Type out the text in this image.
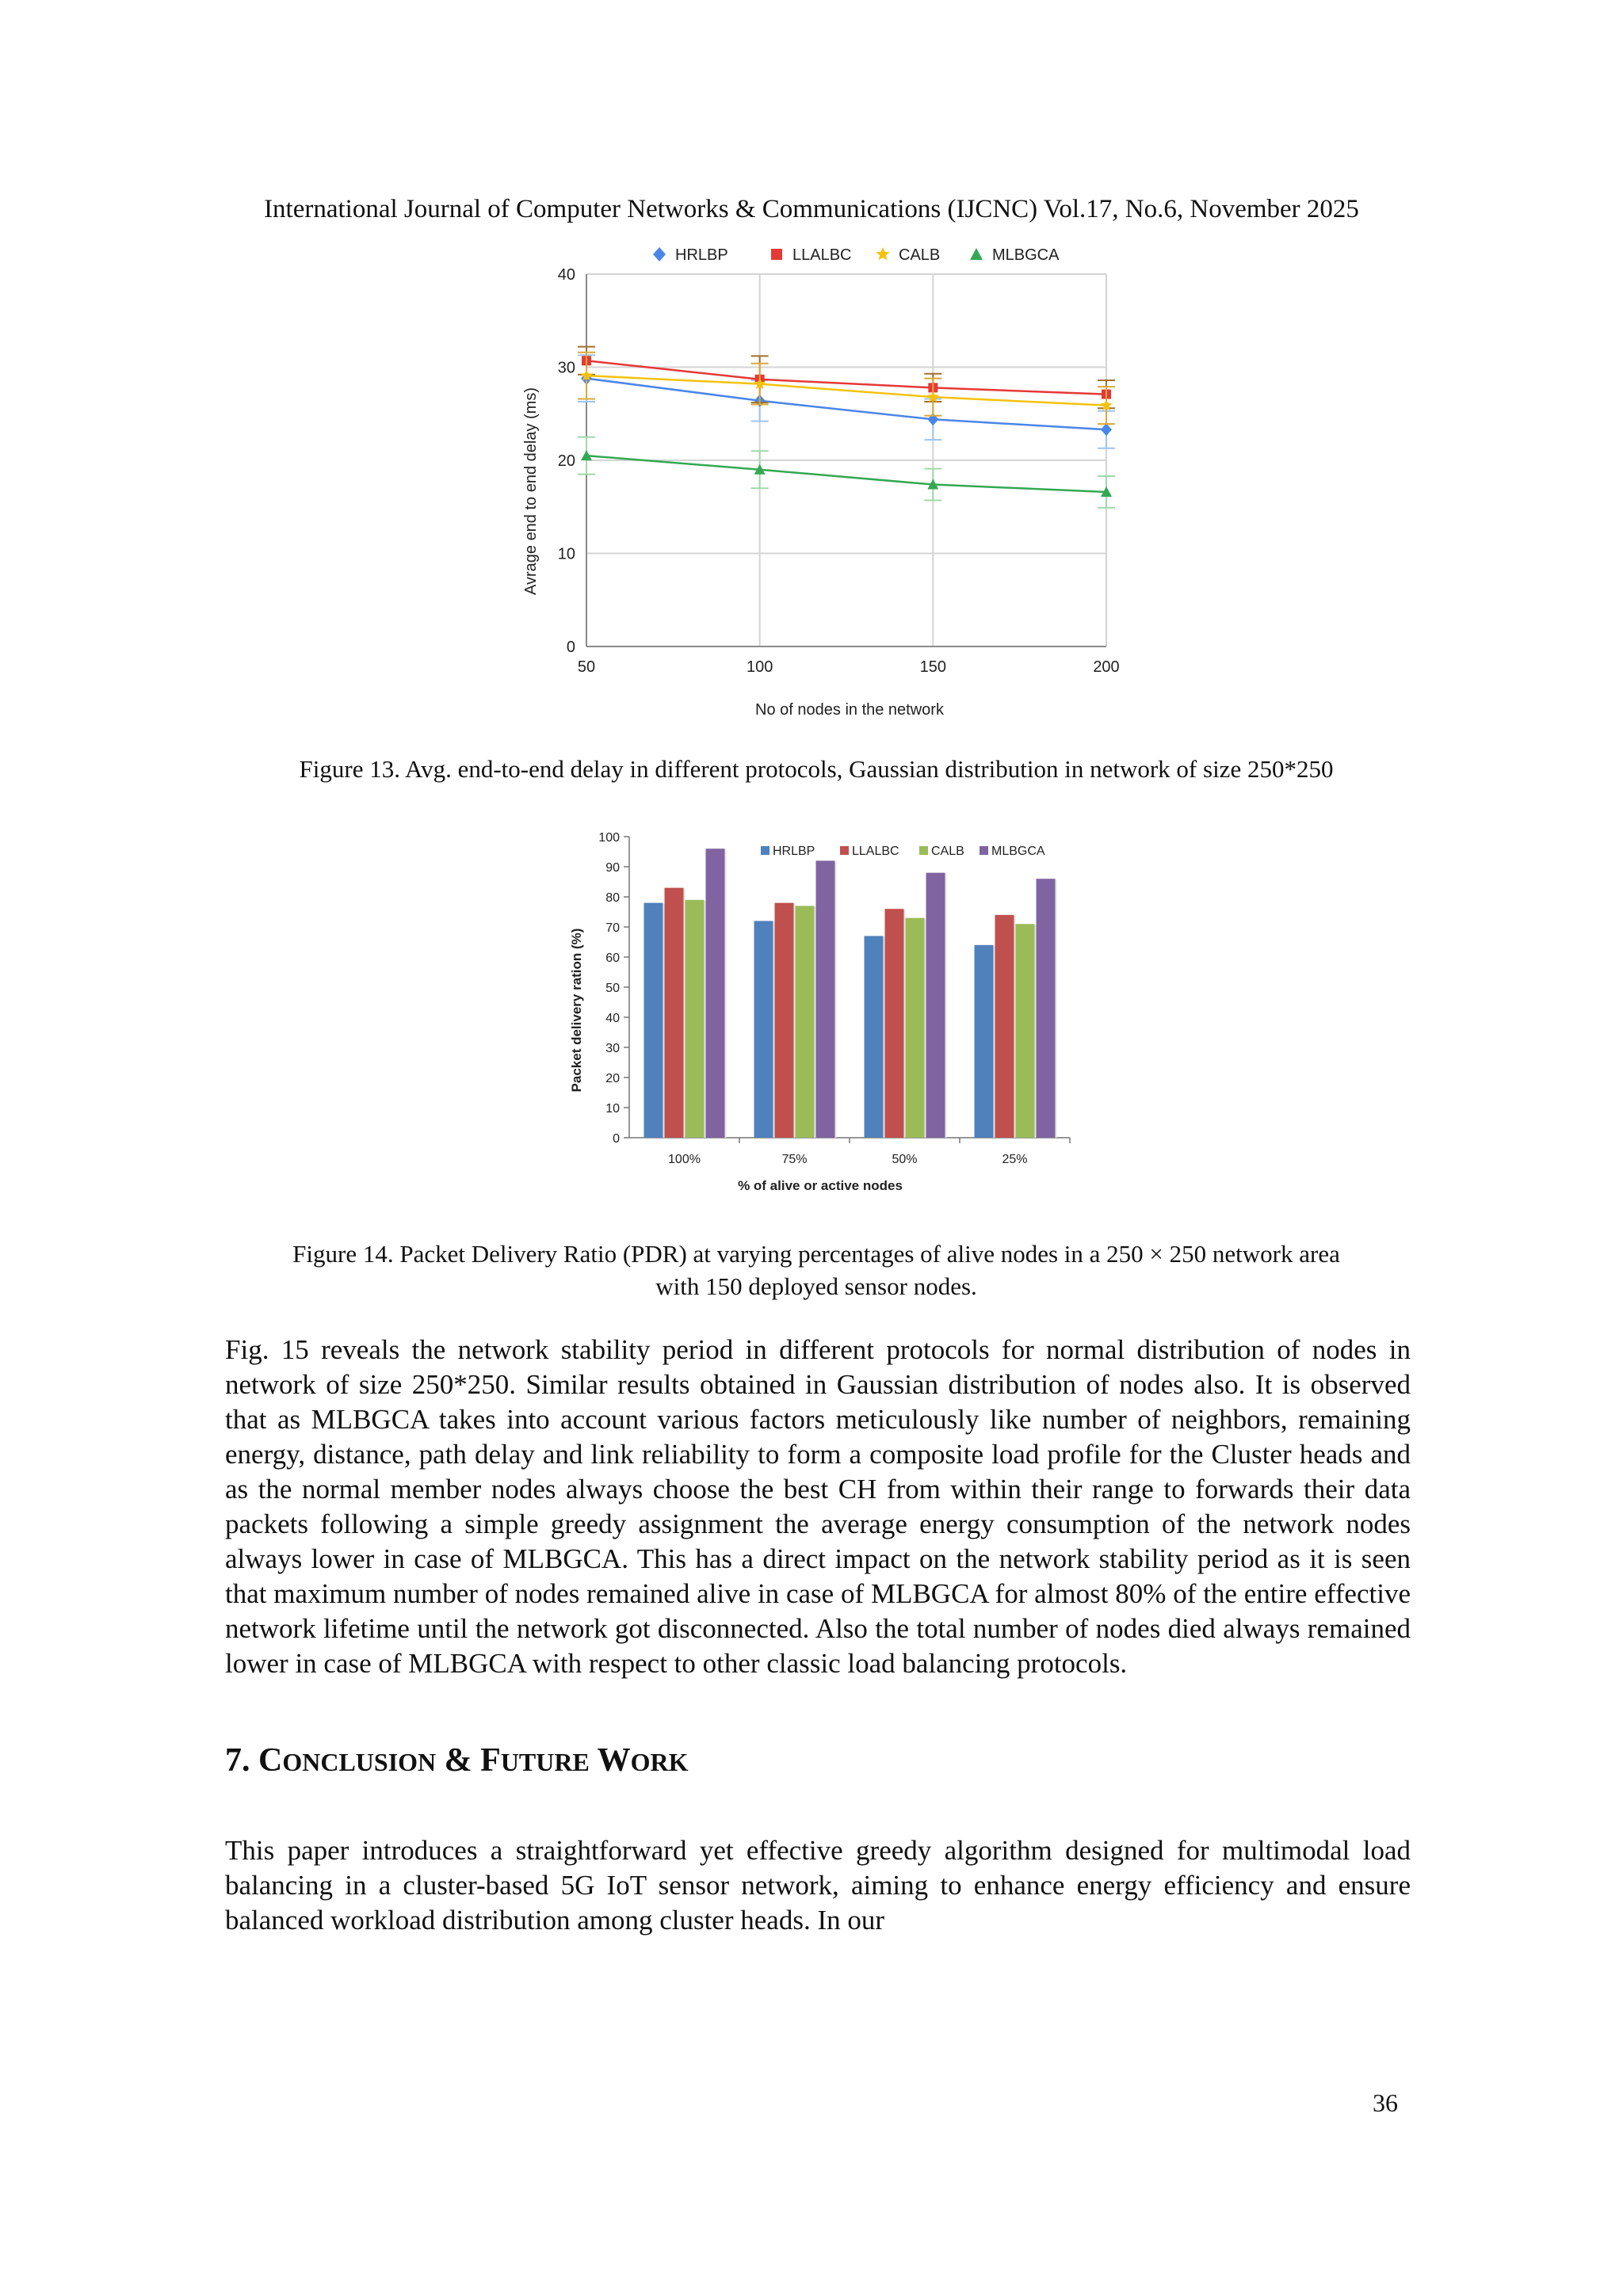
International Journal of Computer Networks & Communications (IJCNC) Vol.17, No.6, November 2025
0
10
20
30
40
50	100	150	200
HRLBP	LLALBC	CALB	MLBGCA
No of nodes in the network
Avrage end to end delay (ms)
Figure 13. Avg. end-to-end delay in different protocols, Gaussian distribution in network of size 250*250
0
10
20
30
40
50
60
70
80
90
100
100%	75%	50%	25%
HRLBP	LLALBC	CALB MLBGCA
% of alive or active nodes
Packet delivery ration (%)
Figure 14. Packet Delivery Ratio (PDR) at varying percentages of alive nodes in a 250 × 250 network area
with 150 deployed sensor nodes.
Fig. 15 reveals the network stability period in different protocols for normal distribution of nodes in network of size 250*250. Similar results obtained in Gaussian distribution of nodes also. It is observed that as MLBGCA takes into account various factors meticulously like number of neighbors, remaining energy, distance, path delay and link reliability to form a composite load profile for the Cluster heads and as the normal member nodes always choose the best CH from within their range to forwards their data packets following a simple greedy assignment the average energy consumption of the network nodes always lower in case of MLBGCA. This has a direct impact on the network stability period as it is seen that maximum number of nodes remained alive in case of MLBGCA for almost 80% of the entire effective network lifetime until the network got disconnected. Also the total number of nodes died always remained lower in case of MLBGCA with respect to other classic load balancing protocols.
7. CONCLUSION & FUTURE WORK
This paper introduces a straightforward yet effective greedy algorithm designed for multimodal load balancing in a cluster-based 5G IoT sensor network, aiming to enhance energy efficiency and ensure balanced workload distribution among cluster heads. In our
36
